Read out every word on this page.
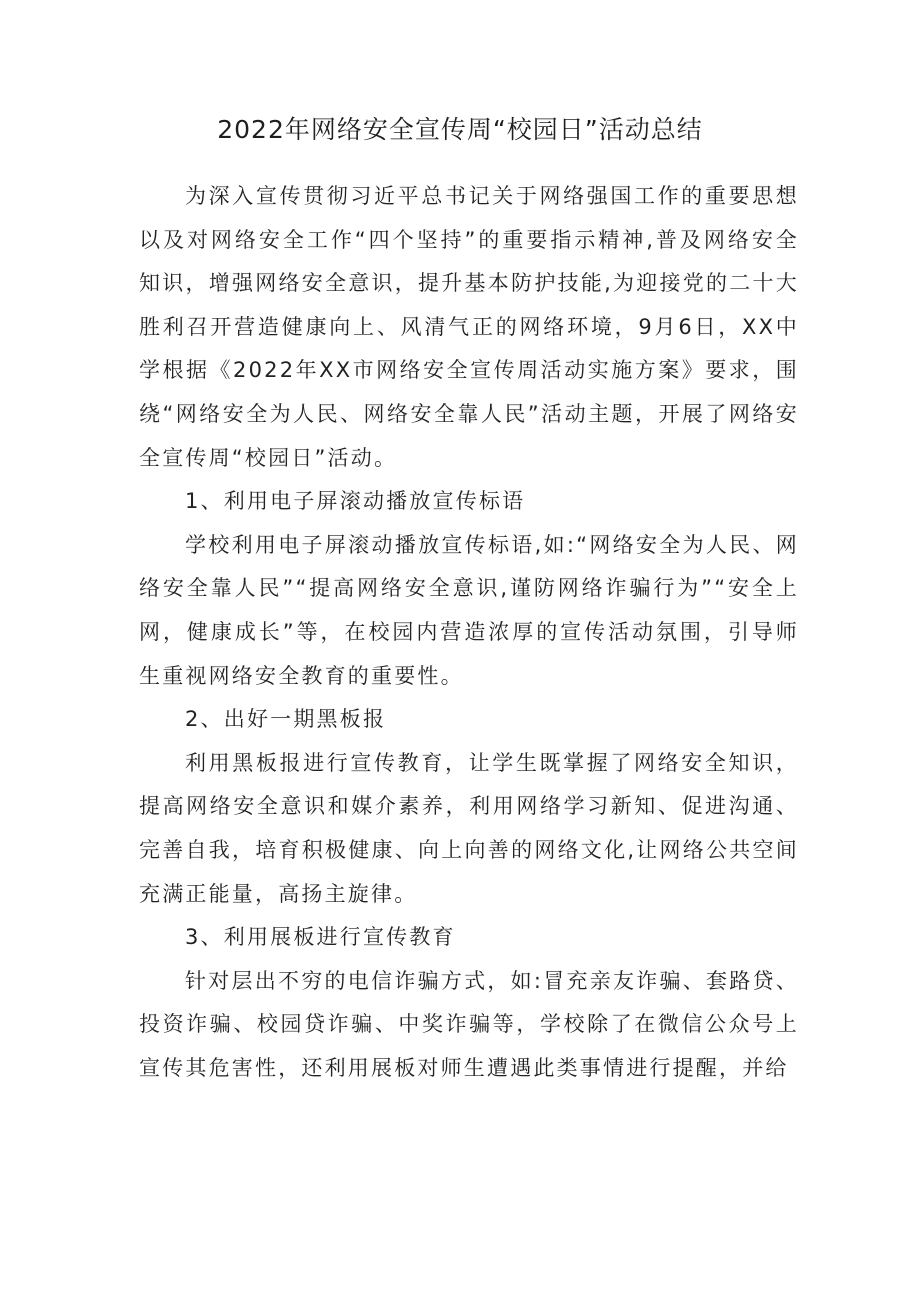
2022年网络安全宣传周“校园日”活动总结

为深入宣传贯彻习近平总书记关于网络强国工作的重要思想以及对网络安全工作“四个坚持”的重要指示精神,普及网络安全知识，增强网络安全意识，提升基本防护技能,为迎接党的二十大胜利召开营造健康向上、风清气正的网络环境，9月6日，XX中学根据《2022年XX市网络安全宣传周活动实施方案》要求，围绕“网络安全为人民、网络安全靠人民”活动主题，开展了网络安全宣传周“校园日”活动。

1、利用电子屏滚动播放宣传标语

学校利用电子屏滚动播放宣传标语,如:“网络安全为人民、网络安全靠人民”“提高网络安全意识,谨防网络诈骗行为”“安全上网，健康成长”等，在校园内营造浓厚的宣传活动氛围，引导师生重视网络安全教育的重要性。

2、出好一期黑板报

利用黑板报进行宣传教育，让学生既掌握了网络安全知识，提高网络安全意识和媒介素养，利用网络学习新知、促进沟通、完善自我，培育积极健康、向上向善的网络文化,让网络公共空间充满正能量，高扬主旋律。

3、利用展板进行宣传教育

针对层出不穷的电信诈骗方式，如:冒充亲友诈骗、套路贷、投资诈骗、校园贷诈骗、中奖诈骗等，学校除了在微信公众号上宣传其危害性，还利用展板对师生遭遇此类事情进行提醒，并给
